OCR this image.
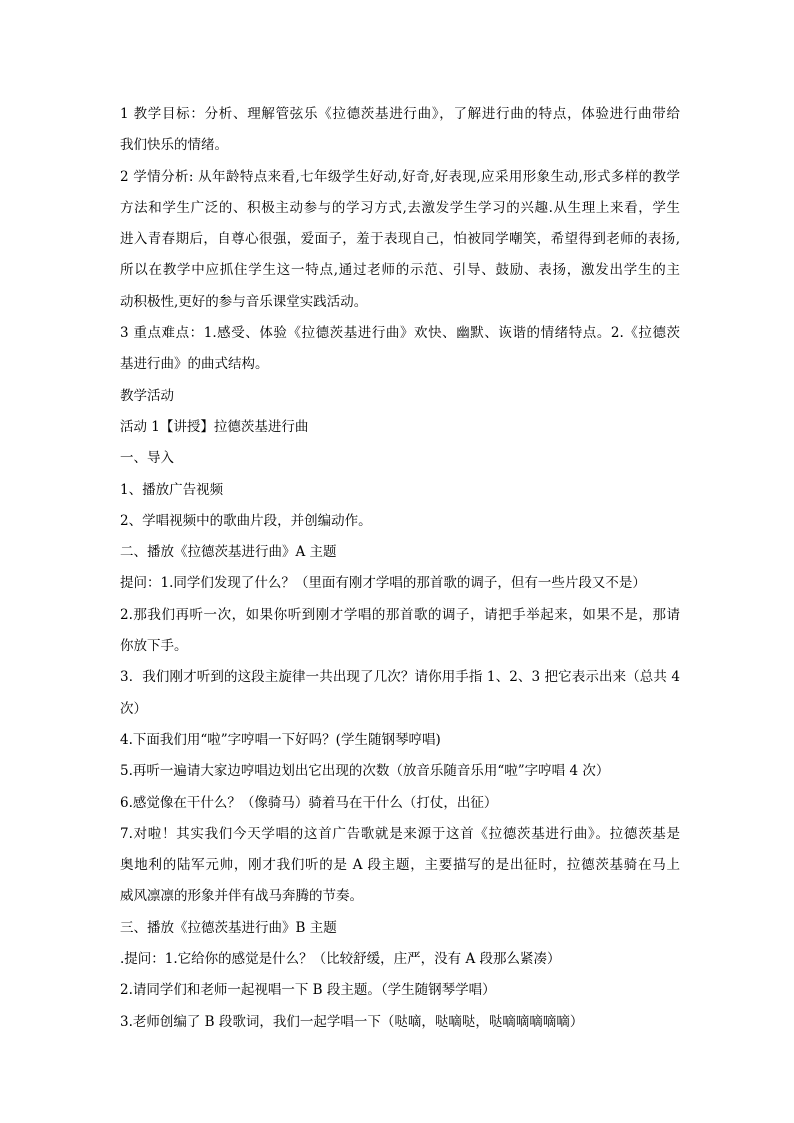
1 教学目标：分析、理解管弦乐《拉德茨基进行曲》，了解进行曲的特点，体验进行曲带给
我们快乐的情绪。
2 学情分析: 从年龄特点来看,七年级学生好动,好奇,好表现,应采用形象生动,形式多样的教学
方法和学生广泛的、积极主动参与的学习方式,去激发学生学习的兴趣.从生理上来看，学生
进入青春期后，自尊心很强，爱面子，羞于表现自己，怕被同学嘲笑，希望得到老师的表扬,
所以在教学中应抓住学生这一特点,通过老师的示范、引导、鼓励、表扬，激发出学生的主
动积极性,更好的参与音乐课堂实践活动。
3 重点难点：1.感受、体验《拉德茨基进行曲》欢快、幽默、诙谐的情绪特点。2.《拉德茨
基进行曲》的曲式结构。
教学活动
活动 1【讲授】拉德茨基进行曲
一、导入
1、播放广告视频
2、学唱视频中的歌曲片段，并创编动作。
二、播放《拉德茨基进行曲》A 主题
提问：1.同学们发现了什么？（里面有刚才学唱的那首歌的调子，但有一些片段又不是）
2.那我们再听一次，如果你听到刚才学唱的那首歌的调子，请把手举起来，如果不是，那请
你放下手。
3．我们刚才听到的这段主旋律一共出现了几次？请你用手指 1、2、3 把它表示出来（总共 4
次）
4.下面我们用“啦”字哼唱一下好吗？(学生随钢琴哼唱)
5.再听一遍请大家边哼唱边划出它出现的次数（放音乐随音乐用“啦”字哼唱 4 次）
6.感觉像在干什么？（像骑马）骑着马在干什么（打仗，出征）
7.对啦！其实我们今天学唱的这首广告歌就是来源于这首《拉德茨基进行曲》。拉德茨基是
奥地利的陆军元帅，刚才我们听的是 A 段主题，主要描写的是出征时，拉德茨基骑在马上
威风凛凛的形象并伴有战马奔腾的节奏。
三、播放《拉德茨基进行曲》B 主题
.提问：1.它给你的感觉是什么？（比较舒缓，庄严，没有 A 段那么紧凑）
2.请同学们和老师一起视唱一下 B 段主题。（学生随钢琴学唱）
3.老师创编了 B 段歌词，我们一起学唱一下（哒嘀，哒嘀哒，哒嘀嘀嘀嘀嘀）
